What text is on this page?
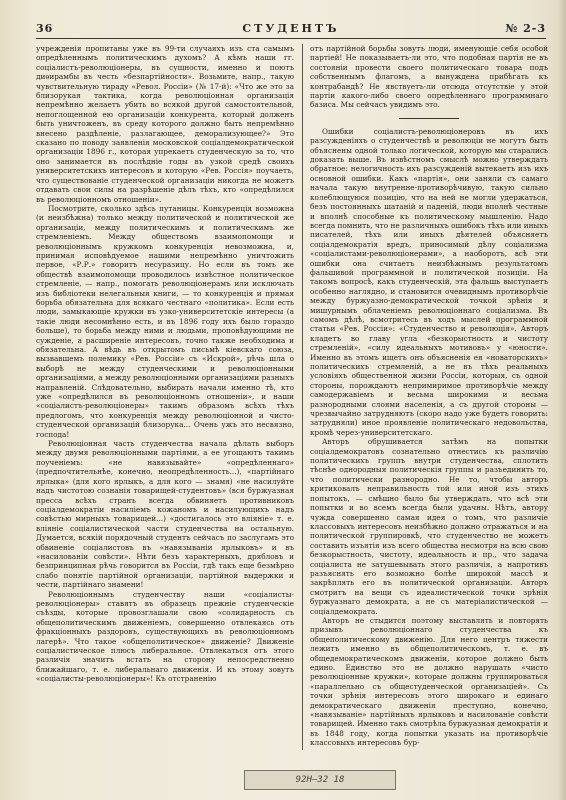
36	СТУДЕНТЪ	№ 2-3

учрежденія пропитаны уже въ 99-ти случаяхъ изъ ста самымъ опредѣленнымъ политическимъ духомъ? А кѣмъ наши гг. соціалистъ-революціонеры, въ сущности, именно и поютъ диѳирамбы въ честь «безпартійности». Возьмите, напр., такую чувствительную тираду «Револ. Россіи» (№ 17-й): «Что же это за близорукая тактика, когда революціонная организація непремѣнно желаетъ убить во всякой другой самостоятельной, непоглощенной ею организаціи конкурента, который долженъ быть уничтоженъ, въ среду которого должно быть непремѣнно внесено раздѣленіе, разлагающее, деморализующее?» Это сказано по поводу заявленія московской соціалдемократической организаціи 1896 г., которая упрекаетъ студенческую за то, что оно занимается въ послѣдніе годы въ узкой средѣ своихъ университетскихъ интересовъ и которую «Рев. Россія» поучаетъ, что существованіе студенческой организаціи никогда не можетъ отдавать свои силы на разрѣшеніе дѣлъ тѣхъ, кто «опредѣлился въ революціонномъ отношеніи».

Посмотрите, сколько здѣсь путаницы. Конкуренція возможна (и неизбѣжна) только между политической и политической же организаціи, между политическимъ и политическимъ же стремленіемъ. Между обществомъ взаимопомощи и революціоннымъ кружкомъ конкуренція невозможна, и, принимая исповѣдуемое нашими непремѣнно уничтожить первое, «Р.Р.» говоритъ несуразицу. Но если въ томъ же обществѣ взаимопомощи проводилось извѣстное политическое стремленіе, — напр., помогать революціонерамъ или исключать изъ библіотеки нелегальныя книги, — то конкуренція и прямая борьба обязательна для всякаго честнаго «политика». Если есть люди, замыкающіе кружки въ узко-университетскіе интересы (а такіе люди несомнѣнно есть, и въ 1896 году ихъ было гораздо больше), то борьба между ними и людьми, проповѣдующими не сужденіе, а расширеніе интересовъ, точно также необходима и обязательна. А вѣдь въ открытомъ письмѣ кіевскаго союза, вызвавшемъ полемику «Рев. Россіи» съ «Искрой», рѣчь шла о выборѣ не между студенческими и революціонными организаціями, а между революціонными организаціями разныхъ направленій. Слѣдовательно, выбирать начали именно тѣ, кто уже «опредѣлился въ революціонномъ отношеніи», и наши «соціалистъ-революціонеры» такимъ образомъ всѣхъ тѣхъ предлогомъ, что конкуренція между революціонной и чисто-студенческой организацій близорука... Очень ужъ это несвязно, господа!

Революціонная часть студенчества начала дѣлать выборъ между двумя революціонными партіями, а ее угощаютъ такимъ поученіемъ: «не навязывайте» «опредѣленнаго» (предпочтительнѣе, конечно, неопредѣленность...), «партійнаго ярлыка» (для кого ярлыкъ, а для кого — знамя) «не насилуйте надъ чистотою сознанія товарищей-студентовъ» (вся буржуазная пресса всѣхъ странъ всегда обвиняетъ противниковъ соціалдемократіи насиліемъ кожаномъ и насилующихъ надъ совѣстью мирныхъ товарищей...) «достигалось это вліяніе» т. е. вліяніе соціалистической части студенчества на остальную. Думается, всякій порядочный студентъ сейчасъ по заслугамъ это обвиненіе соціалистовъ въ «навязываніи ярлыковъ» и въ «насилованіи совѣсти». Нѣти безъ характерныхъ, дрябловъ и безпринципная рѣчь говорится въ Россіи, гдѣ такъ еще безмѣрно слабо понятіе партійной организаціи, партійной выдержки и чести, партійнаго знамени!

Революціоннымъ студенчеству наши «соціалисты-революціонеры» ставятъ въ образецъ прежніе студенческіе съѣзды, которые провозглашали свою «солидарность съ общеполитическимъ движеніемъ, совершенно отвлекаясь отъ фракціонныхъ раздоровъ, существующихъ въ революціонномъ лагерѣ». Что такое «общеполитическое» движеніе? Движеніе соціалистическое плюсъ либеральное. Отвлекаться отъ этого различія значитъ встать на сторону непосредственно ближайшаго, т. е. либеральнаго движенія. И къ этому зовутъ «соціалисты-революціонеры»! Къ отстраненію

отъ партійной борьбы зовутъ люди, именующіе себя особой партіей! Не показываетъ-ли это, что подобная партія не въ состояніи провести своего политическаго товара подъ собственнымъ флагомъ, а вынуждена прибѣгать къ контрабандѣ? Не явствуетъ-ли отсюда отсутствіе у этой партіи какого-либо своего опредѣленнаго программнаго базиса. Мы сейчасъ увидимъ это.

Ошибки соціалистъ-революціонеровъ въ ихъ разсужденіяхъ о студенчествѣ и революціи не могутъ быть объяснены одной только логической, которую мы старались доказать выше. Въ извѣстномъ смыслѣ можно утверждать обратное: нелогичность ихъ разсужденій вытекаетъ изъ ихъ основной ошибки. Какъ «партія», они заняли съ самаго начала такую внутренне-противорѣчивую, такую сильно колеблющуюся позицію, что на ней не могли удержаться, безъ постоянныхъ шатаній и паденій, люди вполнѣ честные и вполнѣ способные къ политическому мышленію. Надо всегда помнить, что не различныхъ ошибокъ тѣхъ или иныхъ писателей, тѣхъ или иныхъ дѣятелей объясняетъ соціалдемократія вредъ, приносимый дѣлу соціализма «соціалистами-революціонерами», а наоборотъ, всѣ эти ошибки она считаетъ неизбѣжнымъ результатомъ фальшивой программной и политической позиціи. На такомъ вопросѣ, какъ студенческій, эта фальшь выступаетъ особенно наглядно, и становится очевиднымъ противорѣчіе между буржуазно-демократической точкой зрѣнія и мишурнымъ облаченіемъ революціоннаго соціализма. Въ самомъ дѣлѣ, всмотритесь въ ходъ мыслей программной статьи «Рев. Россіи»: «Студенчество и революція». Авторъ кладетъ во главу угла «безкорыстность и чистоту стремленій», «силу идеальныхъ мотивовъ» у «юности». Именно въ этомъ ищетъ онъ объясненія ея «новаторскихъ» политическихъ стремленій, а не въ тѣхъ реальныхъ условіяхъ общественной жизни Россіи, которыя, съ одной стороны, порождаютъ непримиримое противорѣчіе между самодержавіемъ и весьма широкими и весьма разнородными слоями населенія, а съ другой стороны — чрезвычайно затрудняютъ (скоро надо уже будетъ говорить: затрудняли) иное проявленіе политическаго недовольства, кромѣ через-университетскаго.

Авторъ обрушивается затѣмъ на попытки соціалдемократовъ сознательно отнестись къ различію политическихъ группъ внутри студенчества, сплотить тѣснѣе однородныя политическія группы и разъединить то, что политически разнородно. Не то, чтобы авторъ критиковалъ неправильность той или иной изъ этихъ попытокъ, — смѣшно было бы утверждать, что всѣ эти попытки и во всемъ всегда были удачны. Нѣтъ, автору чужда совершенно самая идея о томъ, что различіе классовыхъ интересовъ неизбѣжно должно отражаться и на политической группировкѣ, что студенчество не можетъ составить изъятія изъ всего общества несмотря на всю свою безкорыстность, чистоту, идеальность и пр., что задача соціалиста не затушевывать этого различія, а напротивъ разъяснять его возможно болѣе широкой массѣ и закрѣплять его въ политической организаціи. Авторъ смотритъ на вещи съ идеалистической точки зрѣнія буржуазнаго демократа, а не съ матеріалистической — соціалдемократа.

Авторъ не стыдится поэтому выставлять и повторять призывъ революціоннаго студенчества къ общеполитическому движенію. Для него центръ тяжести лежитъ именно въ общеполитическомъ, т. е. въ общедемократическомъ движеніи, которое должно быть едино. Единство это не должно нарушать «чисто революціонные кружки», которые должны группироваться «параллельно съ общестуденческой организаціей». Съ точки зрѣнія интересовъ этого широкаго и единаго демократическаго движенія преступно, конечно, «навязываніе» партійныхъ ярлыковъ и насилованіе совѣсти товарищей. Именно такъ смотрѣла буржуазная демократія и въ 1848 году, когда попытки указать на противорѣчіе классовыхъ интересовъ бур-

92Н—32 18
